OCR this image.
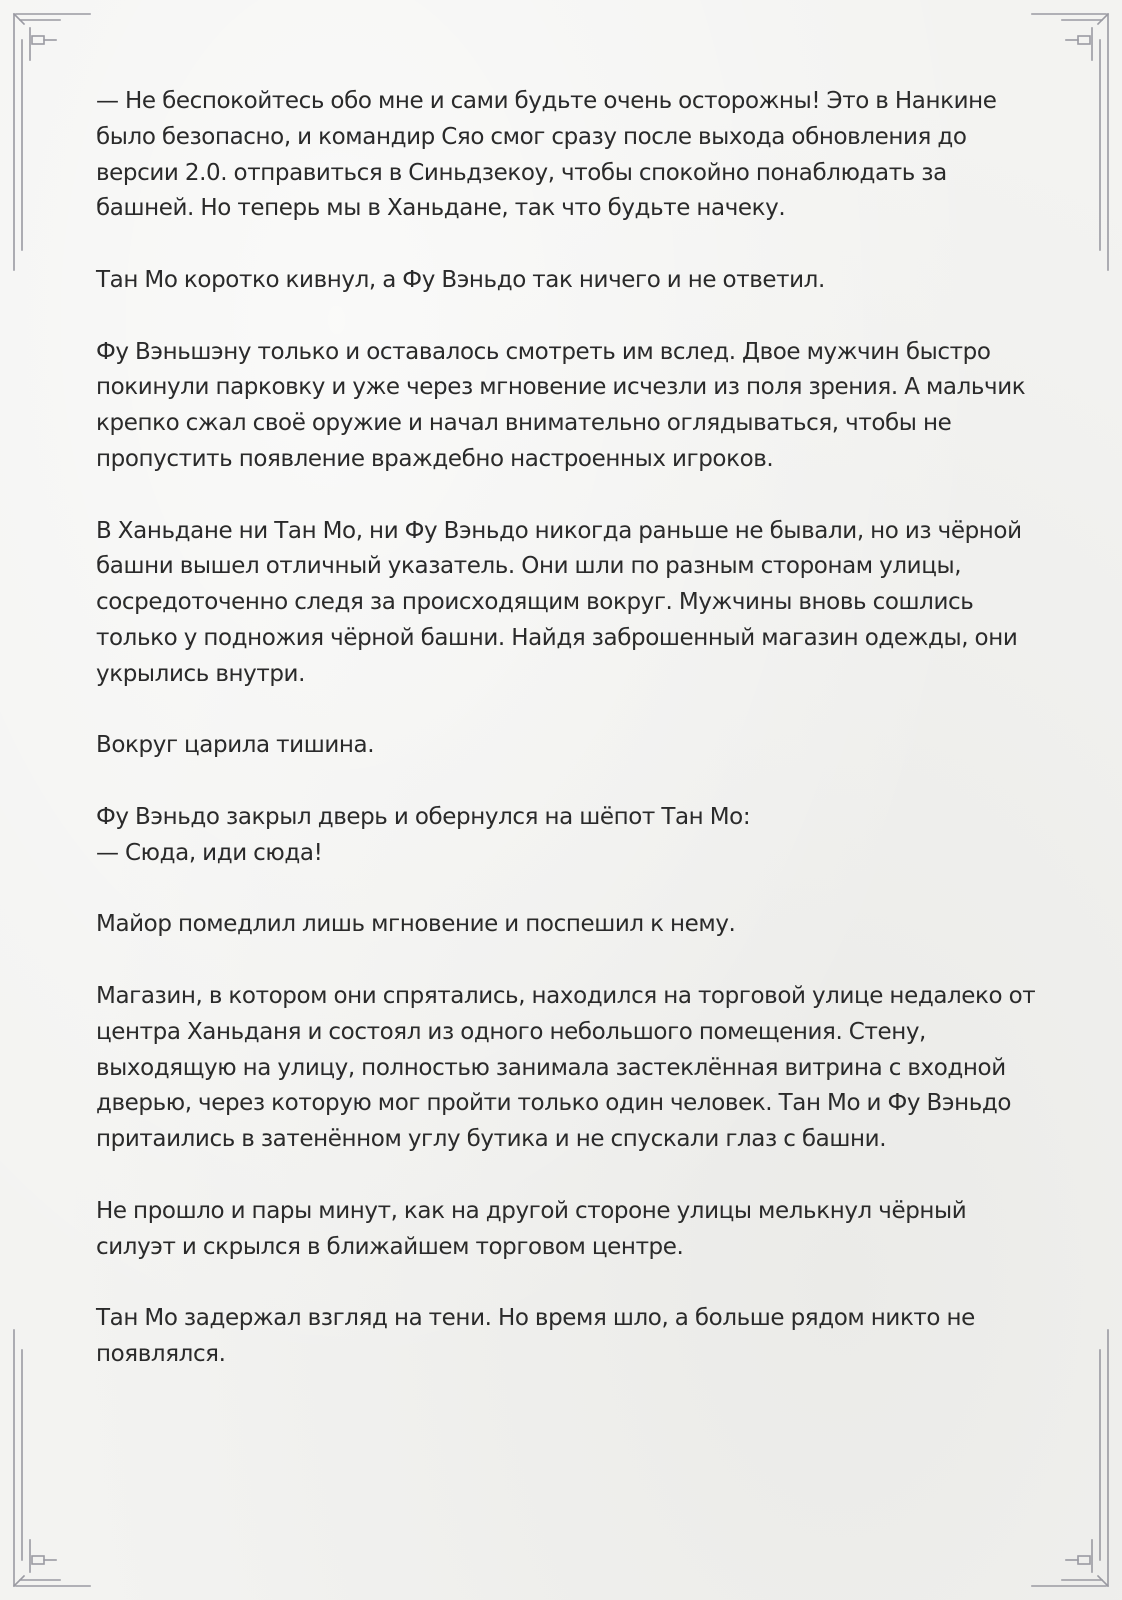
— Не беспокойтесь обо мне и сами будьте очень осторожны! Это в Нанкине было безопасно, и командир Сяо смог сразу после выхода обновления до версии 2.0. отправиться в Синьдзекоу, чтобы спокойно понаблюдать за башней. Но теперь мы в Ханьдане, так что будьте начеку.

Тан Мо коротко кивнул, а Фу Вэньдо так ничего и не ответил.

Фу Вэньшэну только и оставалось смотреть им вслед. Двое мужчин быстро покинули парковку и уже через мгновение исчезли из поля зрения. А мальчик крепко сжал своё оружие и начал внимательно оглядываться, чтобы не пропустить появление враждебно настроенных игроков.

В Ханьдане ни Тан Мо, ни Фу Вэньдо никогда раньше не бывали, но из чёрной башни вышел отличный указатель. Они шли по разным сторонам улицы, сосредоточенно следя за происходящим вокруг. Мужчины вновь сошлись только у подножия чёрной башни. Найдя заброшенный магазин одежды, они укрылись внутри.

Вокруг царила тишина.

Фу Вэньдо закрыл дверь и обернулся на шёпот Тан Мо:
— Сюда, иди сюда!

Майор помедлил лишь мгновение и поспешил к нему.

Магазин, в котором они спрятались, находился на торговой улице недалеко от центра Ханьданя и состоял из одного небольшого помещения. Стену, выходящую на улицу, полностью занимала застеклённая витрина с входной дверью, через которую мог пройти только один человек. Тан Мо и Фу Вэньдо притаились в затенённом углу бутика и не спускали глаз с башни.

Не прошло и пары минут, как на другой стороне улицы мелькнул чёрный силуэт и скрылся в ближайшем торговом центре.

Тан Мо задержал взгляд на тени. Но время шло, а больше рядом никто не появлялся.
